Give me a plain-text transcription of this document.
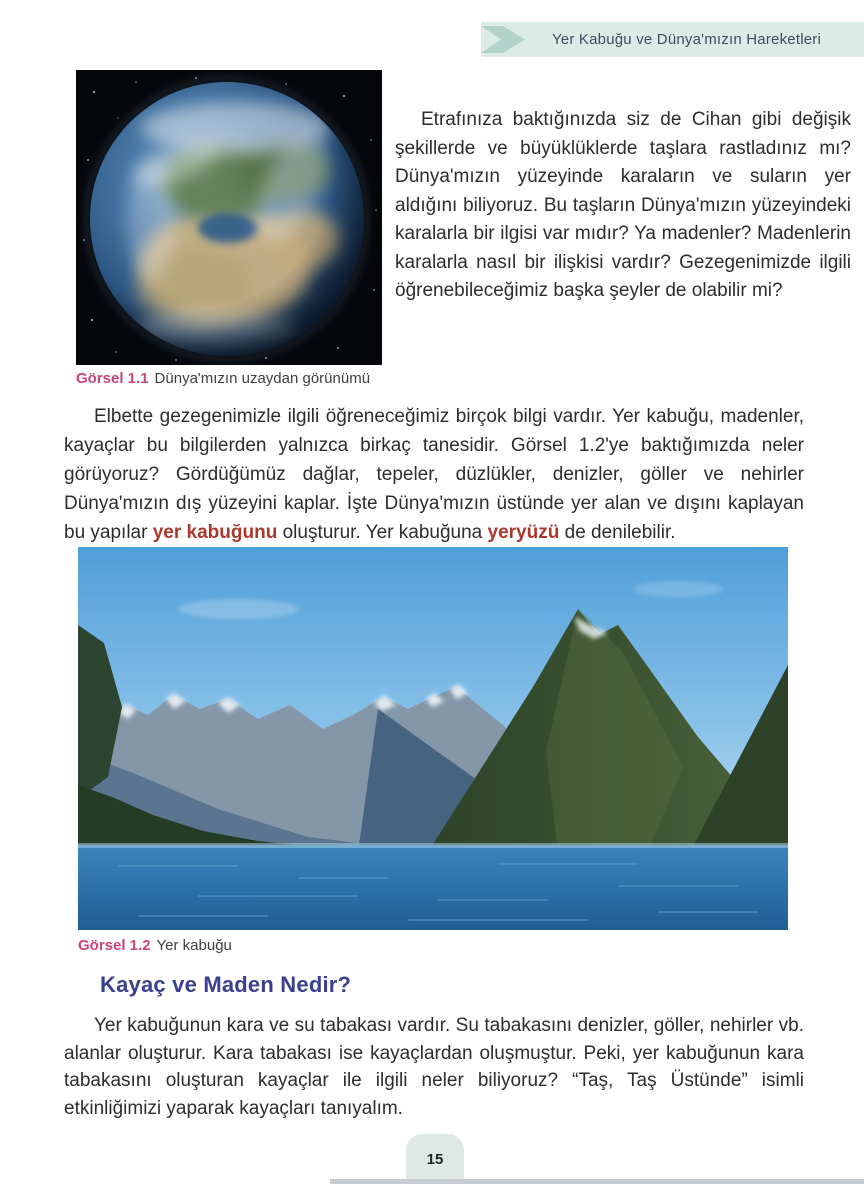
Yer Kabuğu ve Dünya'mızın Hareketleri
Görsel 1.1 Dünya'mızın uzaydan görünümü

Etrafınıza baktığınızda siz de Cihan gibi değişik şekillerde ve büyüklüklerde taşlara rastladınız mı? Dünya'mızın yüzeyinde karaların ve suların yer aldığını biliyoruz. Bu taşların Dünya'mızın yüzeyindeki karalarla bir ilgisi var mıdır? Ya madenler? Madenlerin karalarla nasıl bir ilişkisi vardır? Gezegenimizde ilgili öğrenebileceğimiz başka şeyler de olabilir mi?

Elbette gezegenimizle ilgili öğreneceğimiz birçok bilgi vardır. Yer kabuğu, madenler, kayaçlar bu bilgilerden yalnızca birkaç tanesidir. Görsel 1.2'ye baktığımızda neler görüyoruz? Gördüğümüz dağlar, tepeler, düzlükler, denizler, göller ve nehirler Dünya'mızın dış yüzeyini kaplar. İşte Dünya'mızın üstünde yer alan ve dışını kaplayan bu yapılar yer kabuğunu oluşturur. Yer kabuğuna yeryüzü de denilebilir.

Görsel 1.2 Yer kabuğu
Kayaç ve Maden Nedir?

Yer kabuğunun kara ve su tabakası vardır. Su tabakasını denizler, göller, nehirler vb. alanlar oluşturur. Kara tabakası ise kayaçlardan oluşmuştur. Peki, yer kabuğunun kara tabakasını oluşturan kayaçlar ile ilgili neler biliyoruz? “Taş, Taş Üstünde” isimli etkinliğimizi yaparak kayaçları tanıyalım.

15
